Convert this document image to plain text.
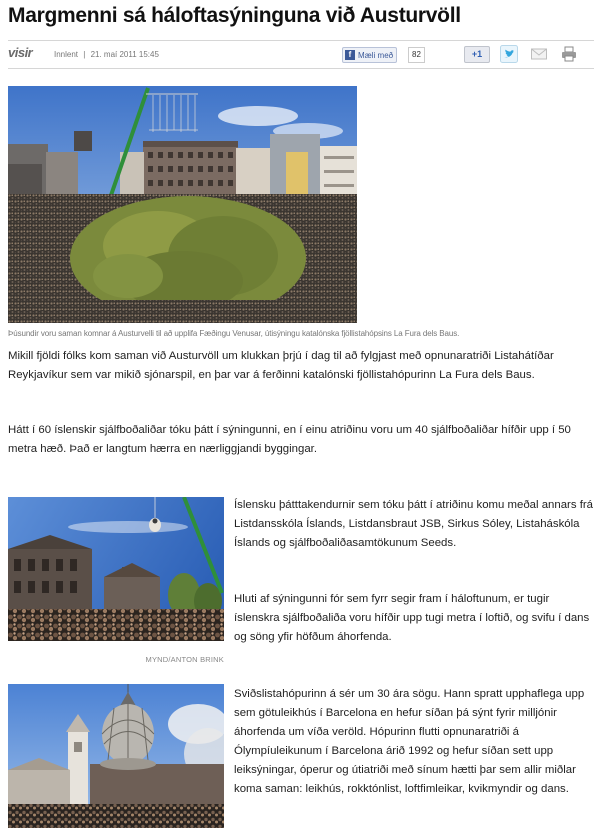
Margmenni sá háloftasýninguna við Austurvöll
visir	Innlent | 21. maí 2011 15:45	f Mæli með	82	+1
Þúsundir voru saman komnar á Austurvelli til að upplifa Fæðingu Venusar, útisýningu katalónska fjöllistahópsins La Fura dels Baus.

Mikill fjöldi fólks kom saman við Austurvöll um klukkan þrjú í dag til að fylgjast með opnunaratriði Listahátíðar Reykjavíkur sem var mikið sjónarspil, en þar var á ferðinni katalónski fjöllistahópurinn La Fura dels Baus.

Hátt í 60 íslenskir sjálfboðaliðar tóku þátt í sýningunni, en í einu atriðinu voru um 40 sjálfboðaliðar hífðir upp í 50 metra hæð. Það er langtum hærra en nærliggjandi byggingar.

MYND/ANTON BRINK

Íslensku þátttakendurnir sem tóku þátt í atriðinu komu meðal annars frá Listdansskóla Íslands, Listdansbraut JSB, Sirkus Sóley, Listaháskóla Íslands og sjálfboðaliðasamtökunum Seeds.

Hluti af sýningunni fór sem fyrr segir fram í háloftunum, er tugir íslenskra sjálfboðaliða voru hífðir upp tugi metra í loftið, og svifu í dans og söng yfir höfðum áhorfenda.

Sviðslistahópurinn á sér um 30 ára sögu. Hann spratt upphaflega upp sem götuleikhús í Barcelona en hefur síðan þá sýnt fyrir milljónir áhorfenda um víða veröld. Hópurinn flutti opnunaratriði á Ólympíuleikunum í Barcelona árið 1992 og hefur síðan sett upp leiksýningar, óperur og útiatriði með sínum hætti þar sem allir miðlar koma saman: leikhús, rokktónlist, loftfimleikar, kvikmyndir og dans.
